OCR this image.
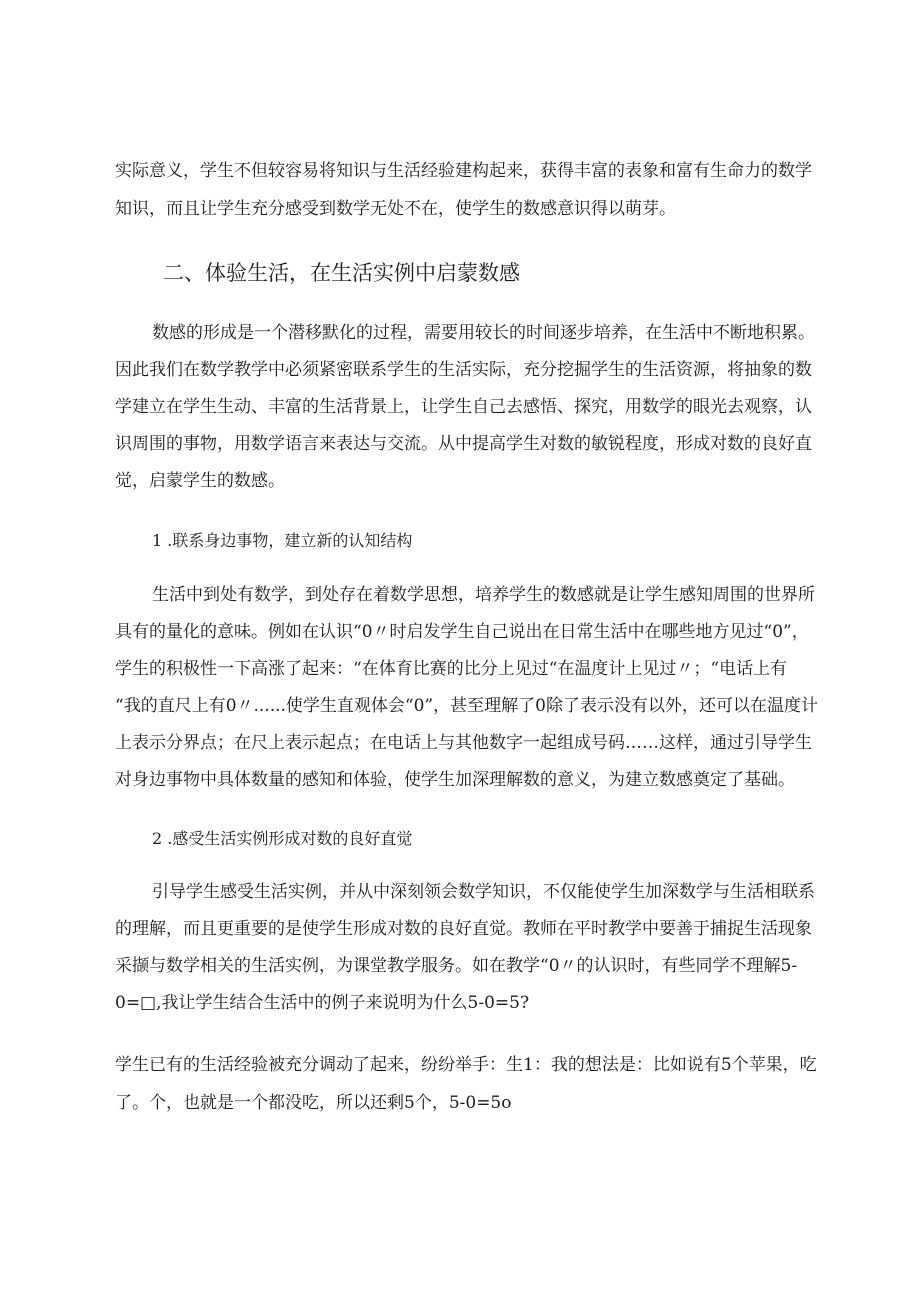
实际意义，学生不但较容易将知识与生活经验建构起来，获得丰富的表象和富有生命力的数学
知识，而且让学生充分感受到数学无处不在，使学生的数感意识得以萌芽。
二、体验生活，在生活实例中启蒙数感
数感的形成是一个潜移默化的过程，需要用较长的时间逐步培养，在生活中不断地积累。
因此我们在数学教学中必须紧密联系学生的生活实际，充分挖掘学生的生活资源，将抽象的数
学建立在学生生动、丰富的生活背景上，让学生自己去感悟、探究，用数学的眼光去观察，认
识周围的事物，用数学语言来表达与交流。从中提高学生对数的敏锐程度，形成对数的良好直
觉，启蒙学生的数感。
1 .联系身边事物，建立新的认知结构
生活中到处有数学，到处存在着数学思想，培养学生的数感就是让学生感知周围的世界所
具有的量化的意味。例如在认识“0〃时启发学生自己说出在日常生活中在哪些地方见过“0”，
学生的积极性一下高涨了起来：“在体育比赛的比分上见过“在温度计上见过〃；“电话上有
“我的直尺上有0〃......使学生直观体会“0”，甚至理解了0除了表示没有以外，还可以在温度计
上表示分界点；在尺上表示起点；在电话上与其他数字一起组成号码……这样，通过引导学生
对身边事物中具体数量的感知和体验，使学生加深理解数的意义，为建立数感奠定了基础。
2 .感受生活实例形成对数的良好直觉
引导学生感受生活实例，并从中深刻领会数学知识，不仅能使学生加深数学与生活相联系
的理解，而且更重要的是使学生形成对数的良好直觉。教师在平时教学中要善于捕捉生活现象
采撷与数学相关的生活实例，为课堂教学服务。如在教学“0〃的认识时，有些同学不理解5-
0=□,我让学生结合生活中的例子来说明为什么5-0=5?
学生已有的生活经验被充分调动了起来，纷纷举手：生1：我的想法是：比如说有5个苹果，吃
了。个，也就是一个都没吃，所以还剩5个，5-0=5o
